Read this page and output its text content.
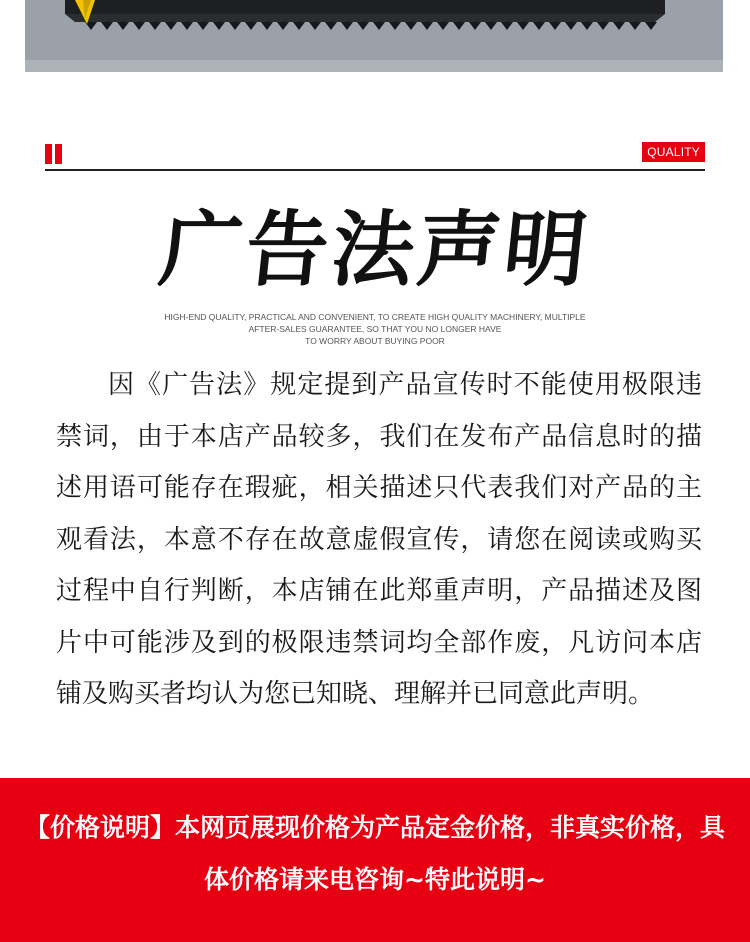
QUALITY
广告法声明
HIGH-END QUALITY, PRACTICAL AND CONVENIENT, TO CREATE HIGH QUALITY MACHINERY, MULTIPLE
AFTER-SALES GUARANTEE, SO THAT YOU NO LONGER HAVE
TO WORRY ABOUT BUYING POOR

因《广告法》规定提到产品宣传时不能使用极限违禁词，由于本店产品较多，我们在发布产品信息时的描述用语可能存在瑕疵，相关描述只代表我们对产品的主观看法，本意不存在故意虚假宣传，请您在阅读或购买过程中自行判断，本店铺在此郑重声明，产品描述及图片中可能涉及到的极限违禁词均全部作废，凡访问本店铺及购买者均认为您已知晓、理解并已同意此声明。

【价格说明】本网页展现价格为产品定金价格，非真实价格，具体价格请来电咨询~特此说明~
